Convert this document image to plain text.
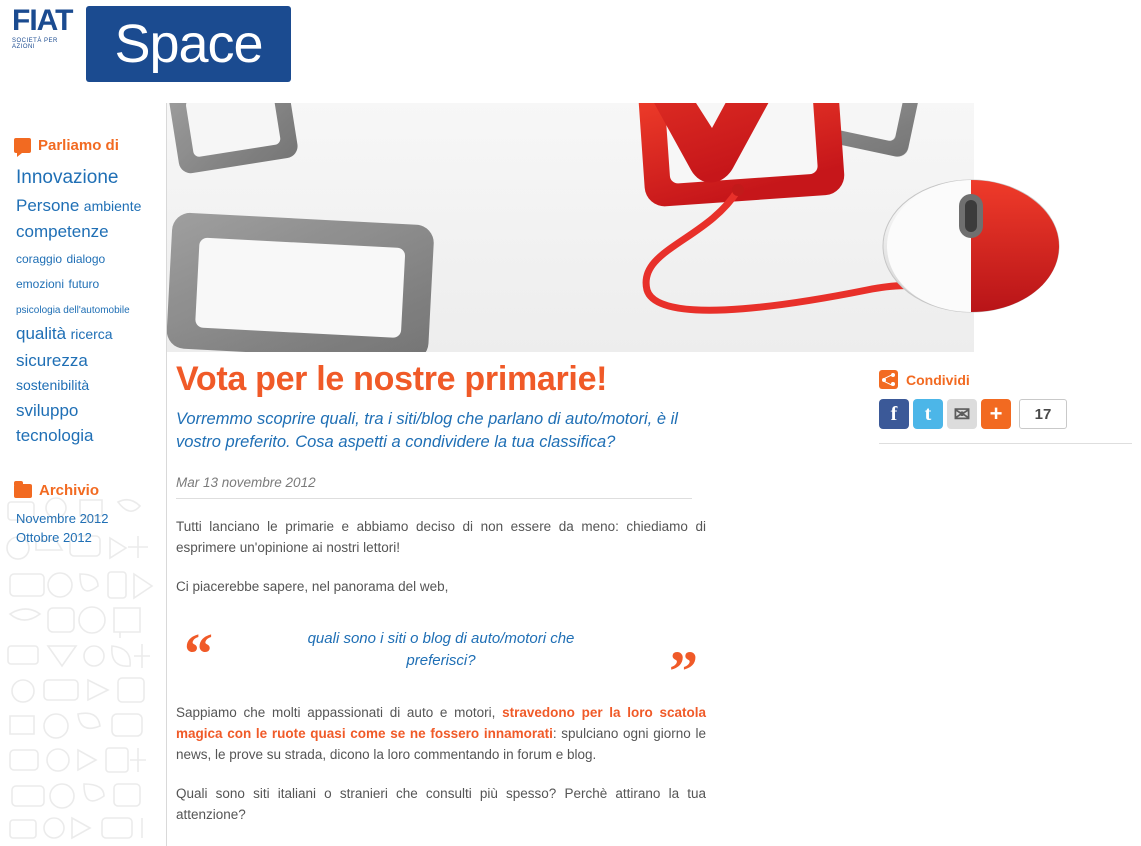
FIAT
SOCIETÀ PER AZIONI	Space
Parliamo di
Innovazione
Persone ambiente
competenze
coraggio dialogo
emozioni futuro
psicologia dell'automobile
qualità ricerca
sicurezza sostenibilità
sviluppo tecnologia
Archivio
Novembre 2012
Ottobre 2012
Vota per le nostre primarie!
Vorremmo scoprire quali, tra i siti/blog che parlano di auto/motori, è il vostro preferito. Cosa aspetti a condividere la tua classifica?
Mar 13 novembre 2012

Tutti lanciano le primarie e abbiamo deciso di non essere da meno: chiediamo di esprimere un'opinione ai nostri lettori!

Ci piacerebbe sapere, nel panorama del web,

“	quali sono i siti o blog di auto/motori che preferisci?	”

Sappiamo che molti appassionati di auto e motori, stravedono per la loro scatola magica con le ruote quasi come se ne fossero innamorati: spulciano ogni giorno le news, le prove su strada, dicono la loro commentando in forum e blog.

Quali sono siti italiani o stranieri che consulti più spesso? Perchè attirano la tua attenzione?

Condividi
f	t	✉ +	17
